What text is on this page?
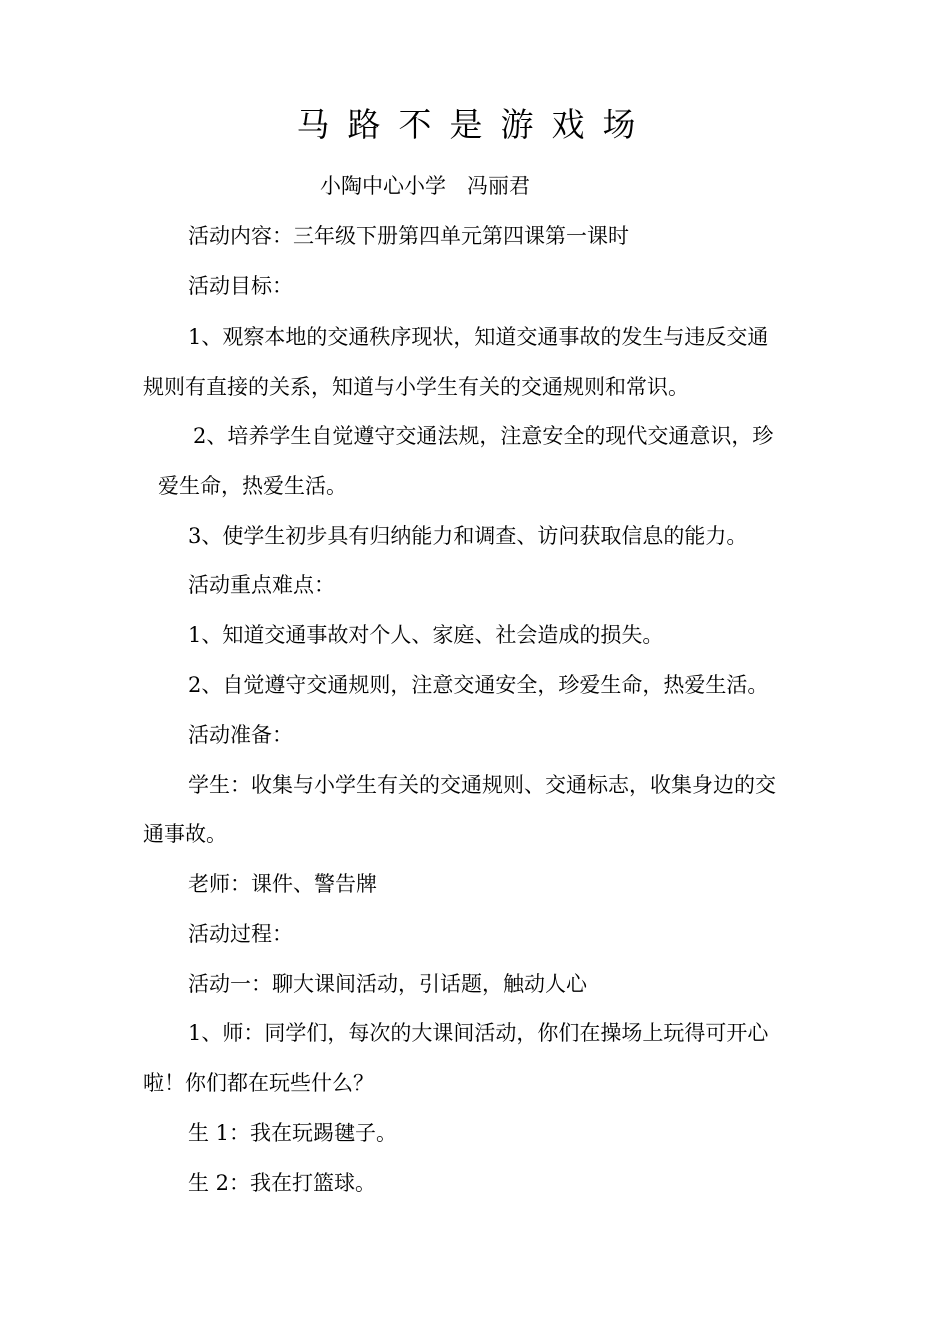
马路不是游戏场
小陶中心小学　冯丽君
活动内容：三年级下册第四单元第四课第一课时
活动目标：
1、观察本地的交通秩序现状，知道交通事故的发生与违反交通
规则有直接的关系，知道与小学生有关的交通规则和常识。
2、培养学生自觉遵守交通法规，注意安全的现代交通意识，珍
爱生命，热爱生活。
3、使学生初步具有归纳能力和调查、访问获取信息的能力。
活动重点难点：
1、知道交通事故对个人、家庭、社会造成的损失。
2、自觉遵守交通规则，注意交通安全，珍爱生命，热爱生活。
活动准备：
学生：收集与小学生有关的交通规则、交通标志，收集身边的交
通事故。
老师：课件、警告牌
活动过程：
活动一：聊大课间活动，引话题，触动人心
1、师：同学们，每次的大课间活动，你们在操场上玩得可开心
啦！你们都在玩些什么？
生 1：我在玩踢毽子。
生 2：我在打篮球。
